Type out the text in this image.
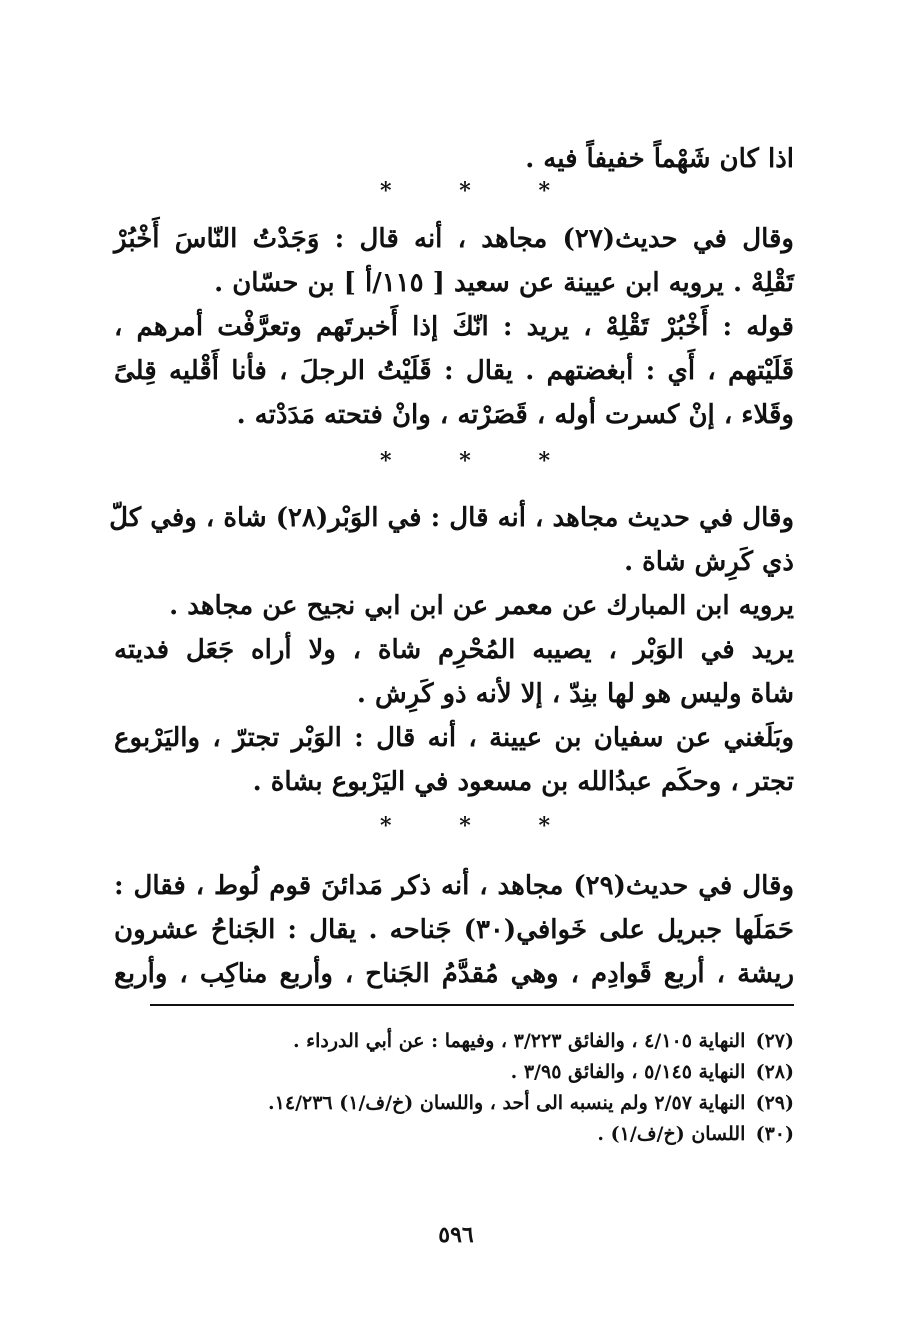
اذا كان شَهْماً خفيفاً فيه .
*	*	*
وقال في حديث(٢٧) مجاهد ، أنه قال : وَجَدْتُ النّاسَ أَخْبُرْ
تَقْلِهْ . يرويه ابن عيينة عن سعيد [ ١١٥/أ ] بن حسّان .
قوله : أَخْبُرْ تَقْلِهْ ، يريد : انّكَ إذا أَخبرتَهم وتعرَّفْت أمرهم ،
قَلَيْتهم ، أَي : أبغضتهم . يقال : قَلَيْتُ الرجلَ ، فأنا أَقْليه قِلىً
وقَلاء ، إنْ كسرت أوله ، قَصَرْته ، وانْ فتحته مَدَدْته .
*	*	*
وقال في حديث مجاهد ، أنه قال : في الوَبْر(٢٨) شاة ، وفي كلّ
ذي كَرِش شاة .
يرويه ابن المبارك عن معمر عن ابن ابي نجيح عن مجاهد .
يريد في الوَبْر ، يصيبه المُحْرِم شاة ، ولا أراه جَعَل فديته
شاة وليس هو لها بنِدّ ، إلا لأنه ذو كَرِش .
وبَلَغني عن سفيان بن عيينة ، أنه قال : الوَبْر تجترّ ، واليَرْبوع
تجتر ، وحكَم عبدُالله بن مسعود في اليَرْبوع بشاة .
*	*	*
وقال في حديث(٢٩) مجاهد ، أنه ذكر مَدائنَ قوم لُوط ، فقال :
حَمَلَها جبريل على خَوافي(٣٠) جَناحه . يقال : الجَناحُ عشرون
ريشة ، أربع قَوادِم ، وهي مُقدَّمُ الجَناح ، وأربع مناكِب ، وأربع
(٢٧) النهاية ٤/١٠٥ ، والفائق ٣/٢٢٣ ، وفيهما : عن أبي الدرداء .
(٢٨) النهاية ٥/١٤٥ ، والفائق ٣/٩٥ .
(٢٩) النهاية ٢/٥٧ ولم ينسبه الى أحد ، واللسان (خ/ف/١) ١٤/٢٣٦.
(٣٠) اللسان (خ/ف/١) .
٥٩٦
